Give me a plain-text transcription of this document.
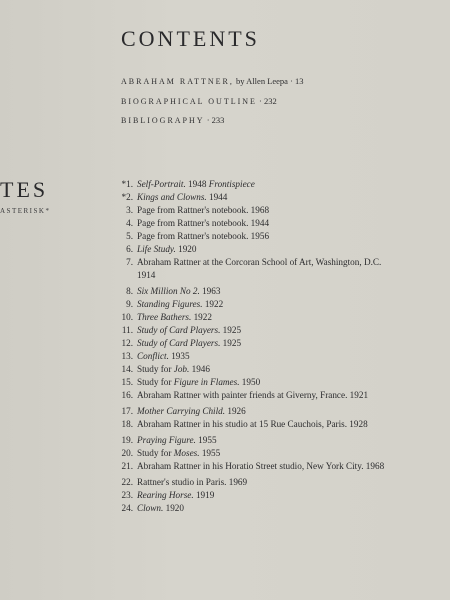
CONTENTS
ABRAHAM RATTNER, by Allen Leepa · 13
BIOGRAPHICAL OUTLINE · 232
BIBLIOGRAPHY · 233
TES
ASTERISK*
*1. Self-Portrait. 1948 Frontispiece
*2. Kings and Clowns. 1944
3. Page from Rattner's notebook. 1968
4. Page from Rattner's notebook. 1944
5. Page from Rattner's notebook. 1956
6. Life Study. 1920
7. Abraham Rattner at the Corcoran School of Art, Washington, D.C. 1914
8. Six Million No 2. 1963
9. Standing Figures. 1922
10. Three Bathers. 1922
11. Study of Card Players. 1925
12. Study of Card Players. 1925
13. Conflict. 1935
14. Study for Job. 1946
15. Study for Figure in Flames. 1950
16. Abraham Rattner with painter friends at Giverny, France. 1921
17. Mother Carrying Child. 1926
18. Abraham Rattner in his studio at 15 Rue Cauchois, Paris. 1928
19. Praying Figure. 1955
20. Study for Moses. 1955
21. Abraham Rattner in his Horatio Street studio, New York City. 1968
22. Rattner's studio in Paris. 1969
23. Rearing Horse. 1919
24. Clown. 1920
